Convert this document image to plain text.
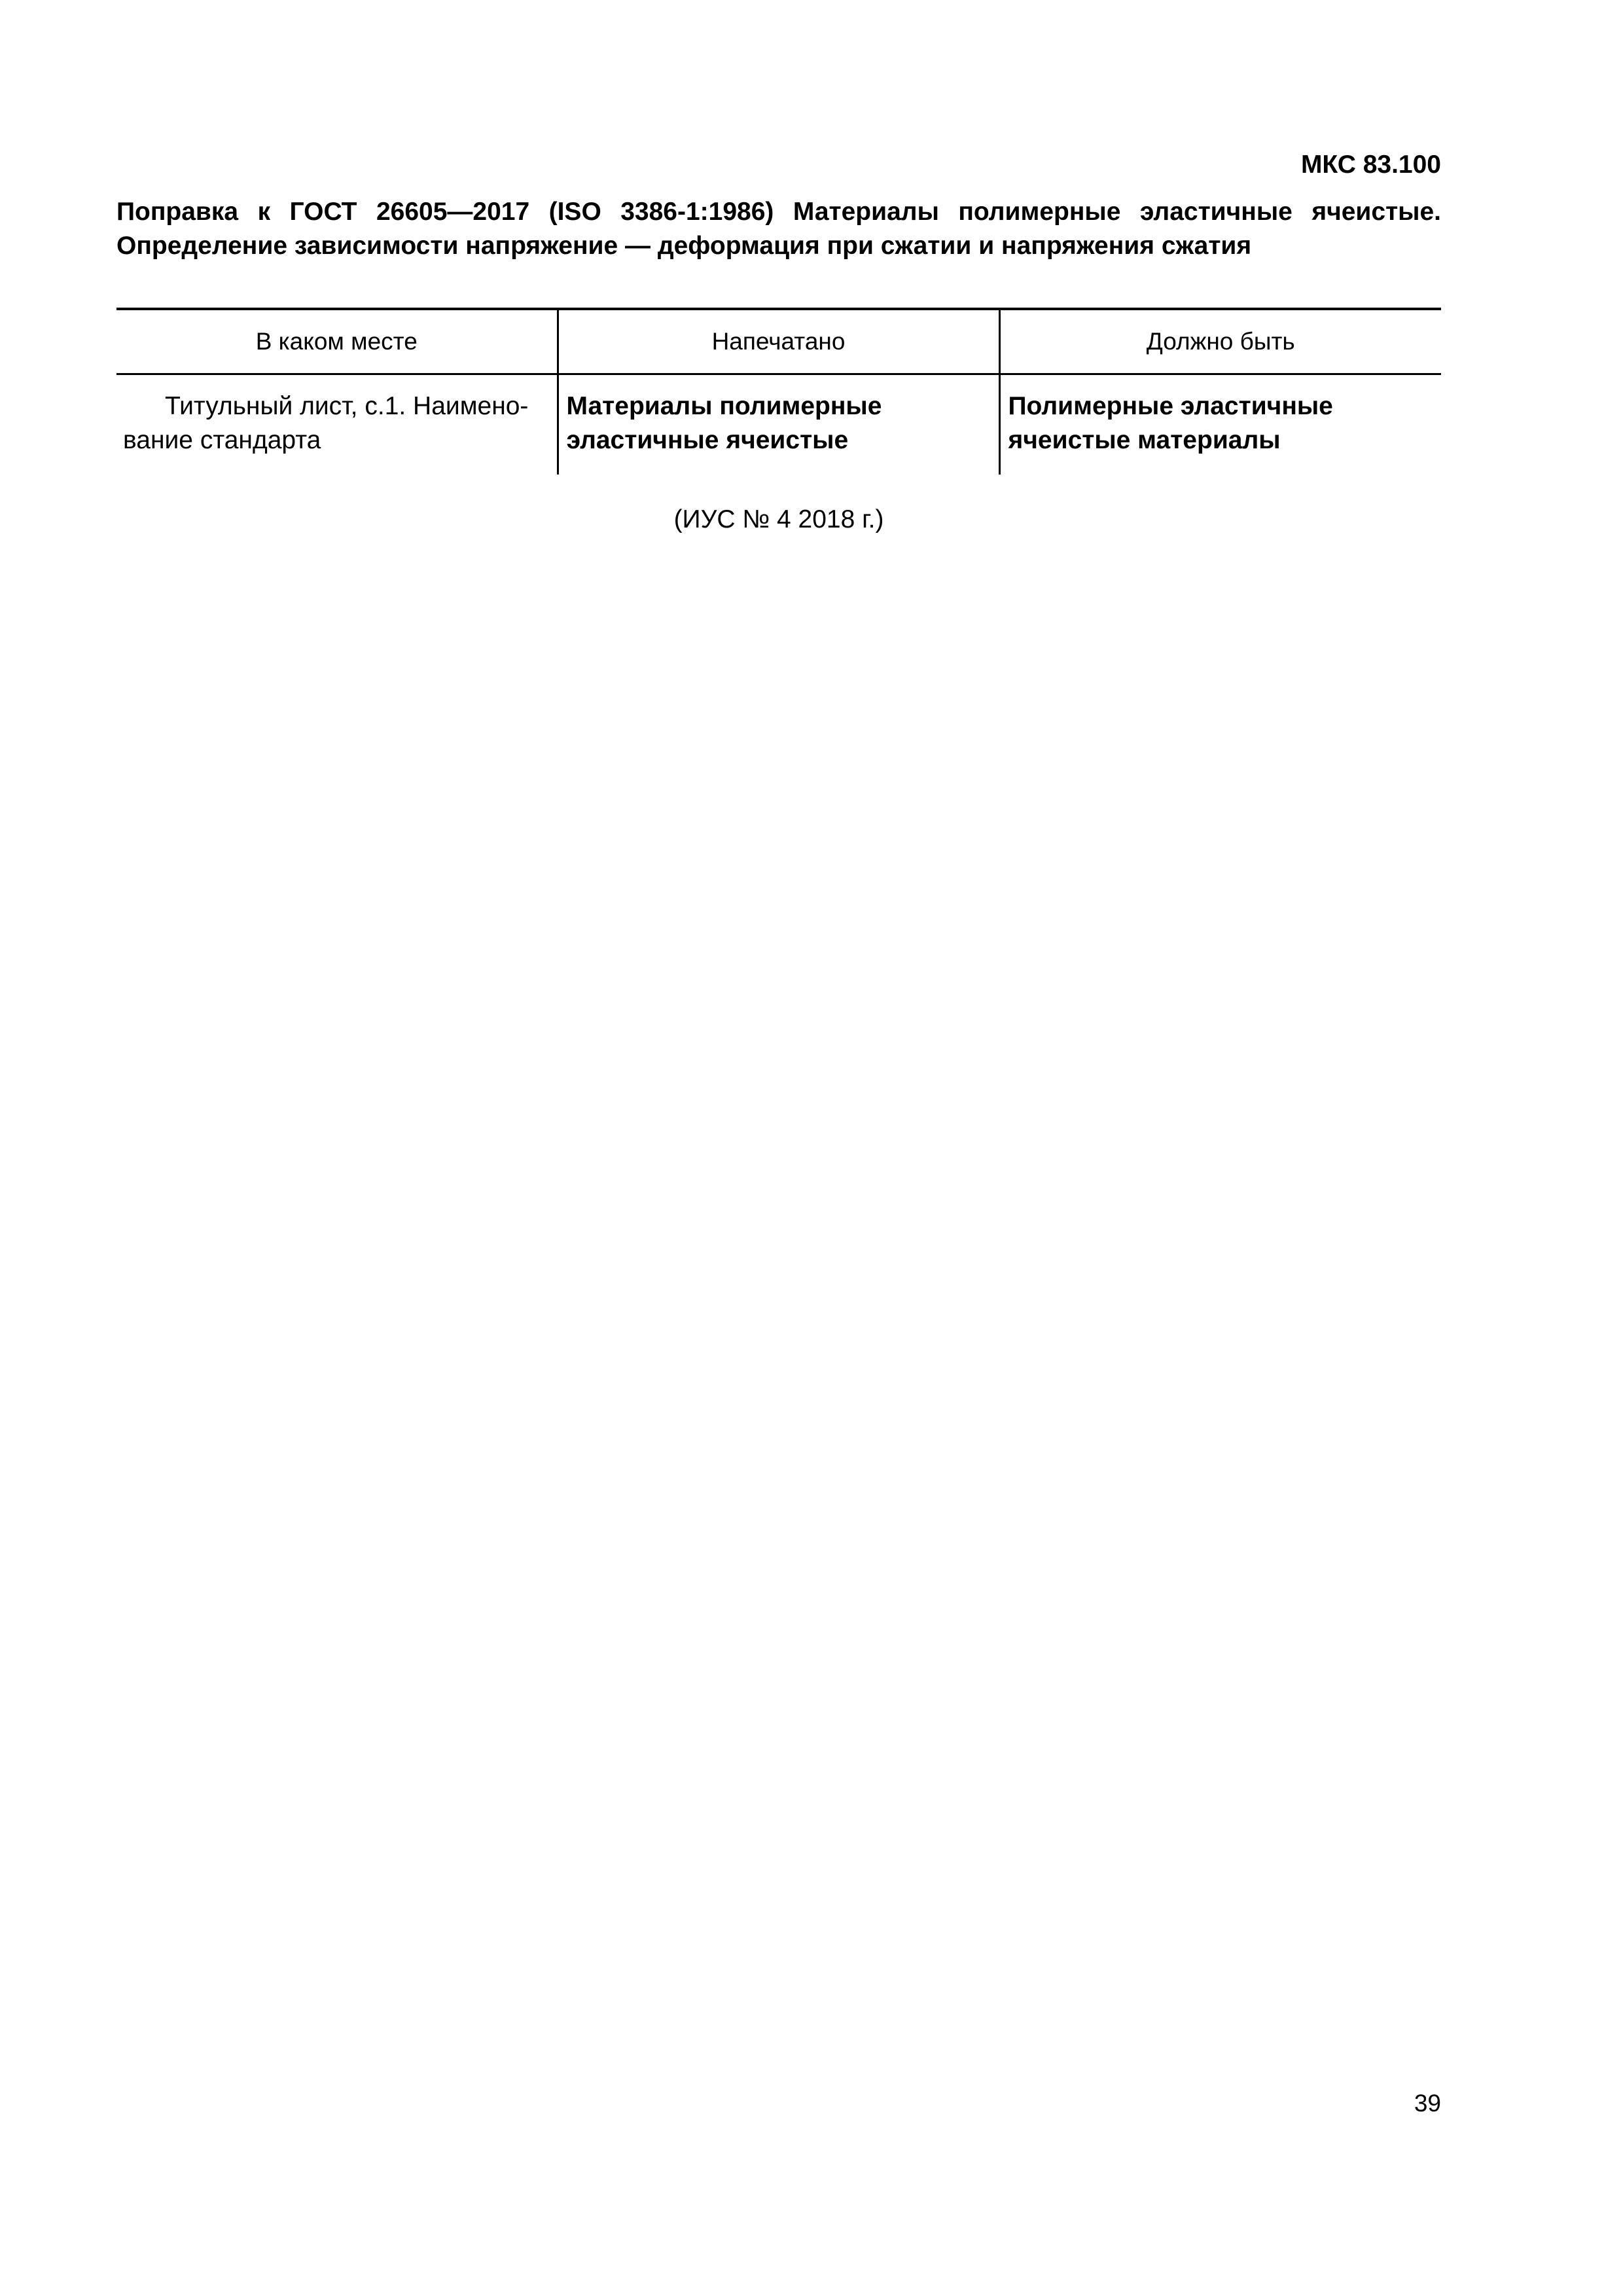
МКС 83.100
Поправка к ГОСТ 26605—2017 (ISO 3386-1:1986) Материалы полимерные эластичные ячеистые.
Определение зависимости напряжение — деформация при сжатии и напряжения сжатия
В каком месте	Напечатано	Должно быть
Титульный лист, с.1. Наимено-вание стандарта	Материалы полимерные эластичные ячеистые	Полимерные эластичные ячеистые материалы
(ИУС № 4 2018 г.)
39
